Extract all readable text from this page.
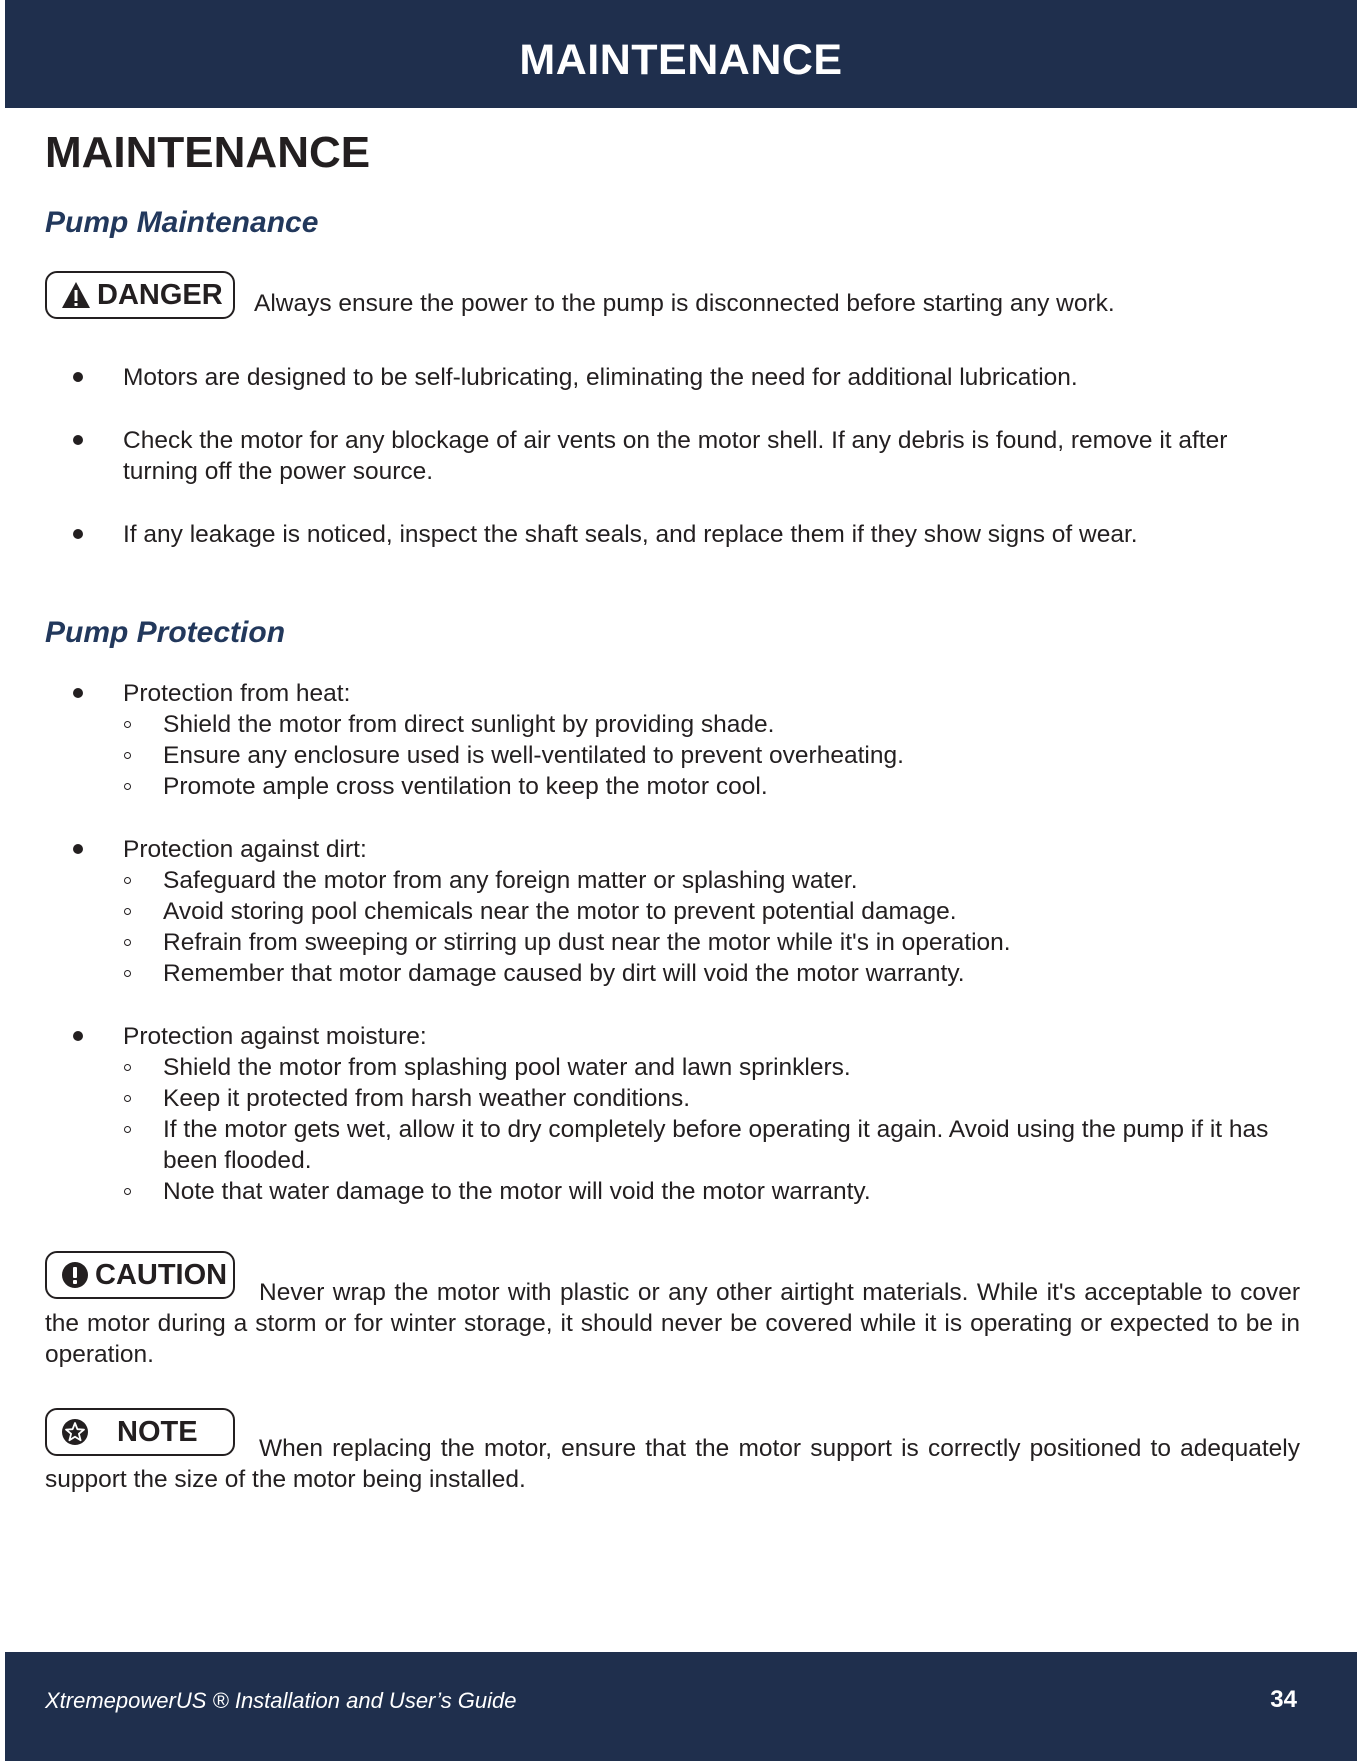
MAINTENANCE
MAINTENANCE
Pump Maintenance
DANGER Always ensure the power to the pump is disconnected before starting any work.
Motors are designed to be self-lubricating, eliminating the need for additional lubrication.
Check the motor for any blockage of air vents on the motor shell. If any debris is found, remove it after turning off the power source.
If any leakage is noticed, inspect the shaft seals, and replace them if they show signs of wear.
Pump Protection
Protection from heat:
Shield the motor from direct sunlight by providing shade.
Ensure any enclosure used is well-ventilated to prevent overheating.
Promote ample cross ventilation to keep the motor cool.
Protection against dirt:
Safeguard the motor from any foreign matter or splashing water.
Avoid storing pool chemicals near the motor to prevent potential damage.
Refrain from sweeping or stirring up dust near the motor while it's in operation.
Remember that motor damage caused by dirt will void the motor warranty.
Protection against moisture:
Shield the motor from splashing pool water and lawn sprinklers.
Keep it protected from harsh weather conditions.
If the motor gets wet, allow it to dry completely before operating it again. Avoid using the pump if it has been flooded.
Note that water damage to the motor will void the motor warranty.
CAUTION
Never wrap the motor with plastic or any other airtight materials. While it's acceptable to cover the motor during a storm or for winter storage, it should never be covered while it is operating or expected to be in operation.
NOTE
When replacing the motor, ensure that the motor support is correctly positioned to adequately support the size of the motor being installed.
XtremepowerUS ® Installation and User’s Guide	34
